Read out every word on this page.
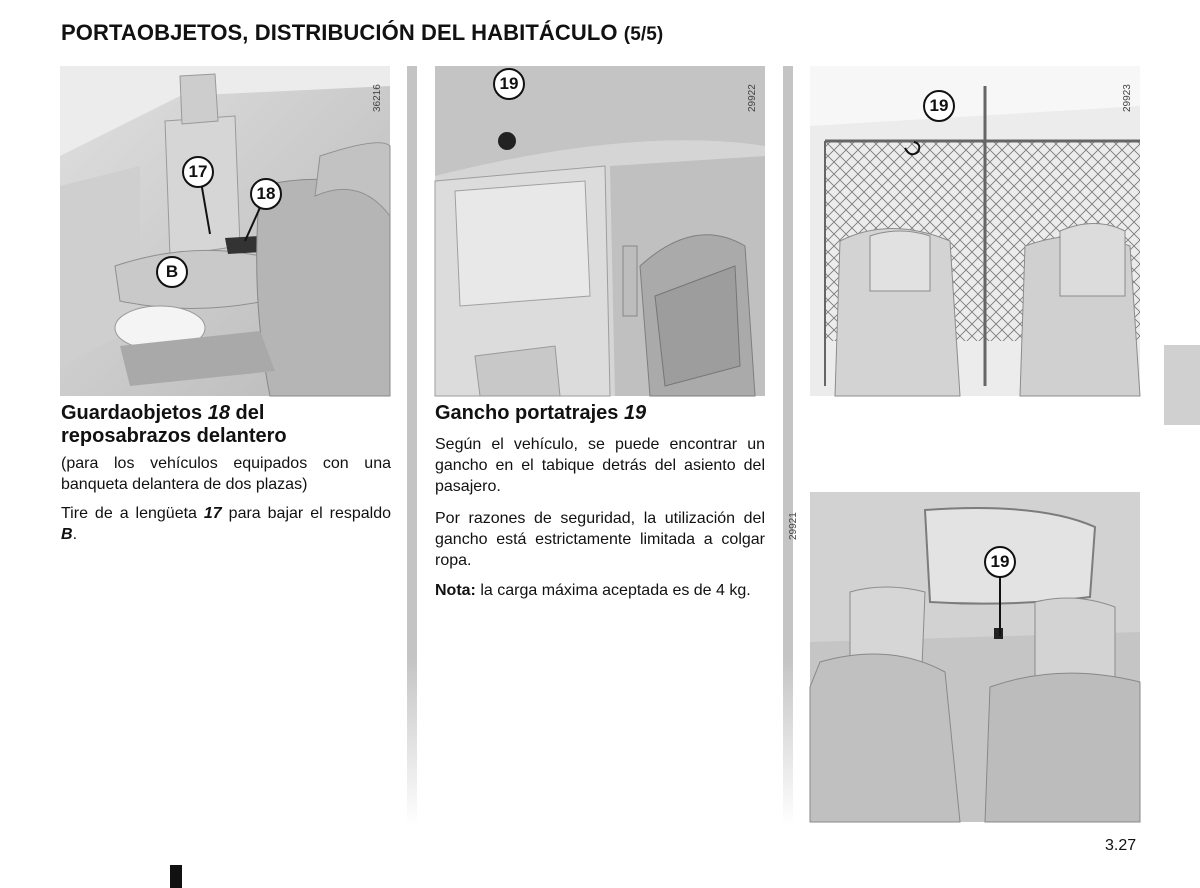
PORTAOBJETOS, DISTRIBUCIÓN DEL HABITÁCULO (5/5)
17
18
B
36216
19
29922	19	29923
19
29921
Guardaobjetos 18 del reposabrazos delantero
(para los vehículos equipados con una banqueta delantera de dos plazas)
Tire de a lengüeta 17 para bajar el respaldo B.
Gancho portatrajes 19
Según el vehículo, se puede encontrar un gancho en el tabique detrás del asiento del pasajero.
Por razones de seguridad, la utilización del gancho está estrictamente limitada a colgar ropa.
Nota: la carga máxima aceptada es de 4 kg.
3.27
